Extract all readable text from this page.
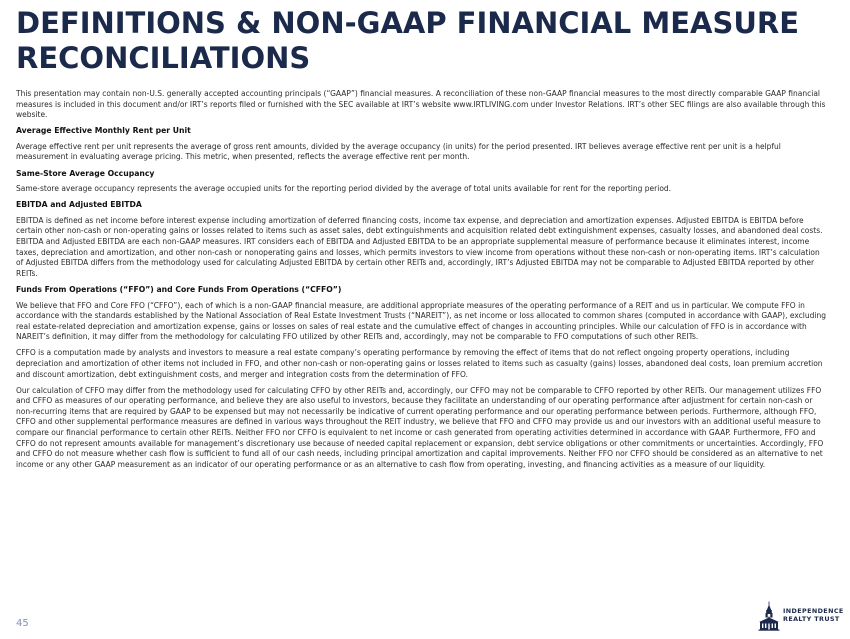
DEFINITIONS & NON-GAAP FINANCIAL MEASURE RECONCILIATIONS

This presentation may contain non-U.S. generally accepted accounting principals (“GAAP”) financial measures. A reconciliation of these non-GAAP financial measures to the most directly comparable GAAP financial measures is included in this document and/or IRT’s reports filed or furnished with the SEC available at IRT’s website www.IRTLIVING.com under Investor Relations. IRT’s other SEC filings are also available through this website.

Average Effective Monthly Rent per Unit

Average effective rent per unit represents the average of gross rent amounts, divided by the average occupancy (in units) for the period presented. IRT believes average effective rent per unit is a helpful measurement in evaluating average pricing. This metric, when presented, reflects the average effective rent per month.

Same-Store Average Occupancy

Same-store average occupancy represents the average occupied units for the reporting period divided by the average of total units available for rent for the reporting period.

EBITDA and Adjusted EBITDA

EBITDA is defined as net income before interest expense including amortization of deferred financing costs, income tax expense, and depreciation and amortization expenses. Adjusted EBITDA is EBITDA before certain other non-cash or non-operating gains or losses related to items such as asset sales, debt extinguishments and acquisition related debt extinguishment expenses, casualty losses, and abandoned deal costs. EBITDA and Adjusted EBITDA are each non-GAAP measures. IRT considers each of EBITDA and Adjusted EBITDA to be an appropriate supplemental measure of performance because it eliminates interest, income taxes, depreciation and amortization, and other non-cash or nonoperating gains and losses, which permits investors to view income from operations without these non-cash or non-operating items. IRT’s calculation of Adjusted EBITDA differs from the methodology used for calculating Adjusted EBITDA by certain other REITs and, accordingly, IRT’s Adjusted EBITDA may not be comparable to Adjusted EBITDA reported by other REITs.

Funds From Operations (“FFO”) and Core Funds From Operations (“CFFO”)

We believe that FFO and Core FFO (“CFFO”), each of which is a non-GAAP financial measure, are additional appropriate measures of the operating performance of a REIT and us in particular. We compute FFO in accordance with the standards established by the National Association of Real Estate Investment Trusts (“NAREIT”), as net income or loss allocated to common shares (computed in accordance with GAAP), excluding real estate-related depreciation and amortization expense, gains or losses on sales of real estate and the cumulative effect of changes in accounting principles. While our calculation of FFO is in accordance with NAREIT’s definition, it may differ from the methodology for calculating FFO utilized by other REITs and, accordingly, may not be comparable to FFO computations of such other REITs.

CFFO is a computation made by analysts and investors to measure a real estate company’s operating performance by removing the effect of items that do not reflect ongoing property operations, including depreciation and amortization of other items not included in FFO, and other non-cash or non-operating gains or losses related to items such as casualty (gains) losses, abandoned deal costs, loan premium accretion and discount amortization, debt extinguishment costs, and merger and integration costs from the determination of FFO.

Our calculation of CFFO may differ from the methodology used for calculating CFFO by other REITs and, accordingly, our CFFO may not be comparable to CFFO reported by other REITs. Our management utilizes FFO and CFFO as measures of our operating performance, and believe they are also useful to investors, because they facilitate an understanding of our operating performance after adjustment for certain non-cash or non-recurring items that are required by GAAP to be expensed but may not necessarily be indicative of current operating performance and our operating performance between periods. Furthermore, although FFO, CFFO and other supplemental performance measures are defined in various ways throughout the REIT industry, we believe that FFO and CFFO may provide us and our investors with an additional useful measure to compare our financial performance to certain other REITs. Neither FFO nor CFFO is equivalent to net income or cash generated from operating activities determined in accordance with GAAP. Furthermore, FFO and CFFO do not represent amounts available for management’s discretionary use because of needed capital replacement or expansion, debt service obligations or other commitments or uncertainties. Accordingly, FFO and CFFO do not measure whether cash flow is sufficient to fund all of our cash needs, including principal amortization and capital improvements. Neither FFO nor CFFO should be considered as an alternative to net income or any other GAAP measurement as an indicator of our operating performance or as an alternative to cash flow from operating, investing, and financing activities as a measure of our liquidity.

45
INDEPENDENCE
REALTY TRUST
